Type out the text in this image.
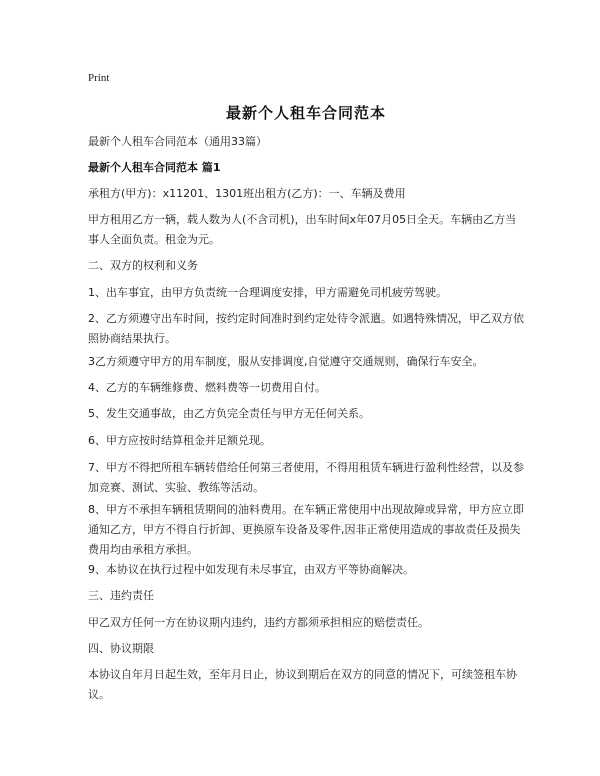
Print
最新个人租车合同范本
最新个人租车合同范本（通用33篇）
最新个人租车合同范本 篇1
承租方(甲方)：x11201、1301班出租方(乙方)：一、车辆及费用
甲方租用乙方一辆，载人数为人(不含司机)，出车时间x年07月05日全天。车辆由乙方当事人全面负责。租金为元。
二、双方的权利和义务
1、出车事宜，由甲方负责统一合理调度安排，甲方需避免司机疲劳驾驶。
2、乙方须遵守出车时间，按约定时间准时到约定处待令派遣。如遇特殊情况，甲乙双方依照协商结果执行。
3乙方须遵守甲方的用车制度，服从安排调度,自觉遵守交通规则，确保行车安全。
4、乙方的车辆维修费、燃料费等一切费用自付。
5、发生交通事故，由乙方负完全责任与甲方无任何关系。
6、甲方应按时结算租金并足额兑现。
7、甲方不得把所租车辆转借给任何第三者使用，不得用租赁车辆进行盈利性经营，以及参加竞赛、测试、实验、教练等活动。
8、甲方不承担车辆租赁期间的油料费用。在车辆正常使用中出现故障或异常，甲方应立即通知乙方，甲方不得自行折卸、更换原车设备及零件,因非正常使用造成的事故责任及损失费用均由承租方承担。
9、本协议在执行过程中如发现有未尽事宜，由双方平等协商解决。
三、违约责任
甲乙双方任何一方在协议期内违约，违约方都须承担相应的赔偿责任。
四、协议期限
本协议自年月日起生效，至年月日止，协议到期后在双方的同意的情况下，可续签租车协议。
